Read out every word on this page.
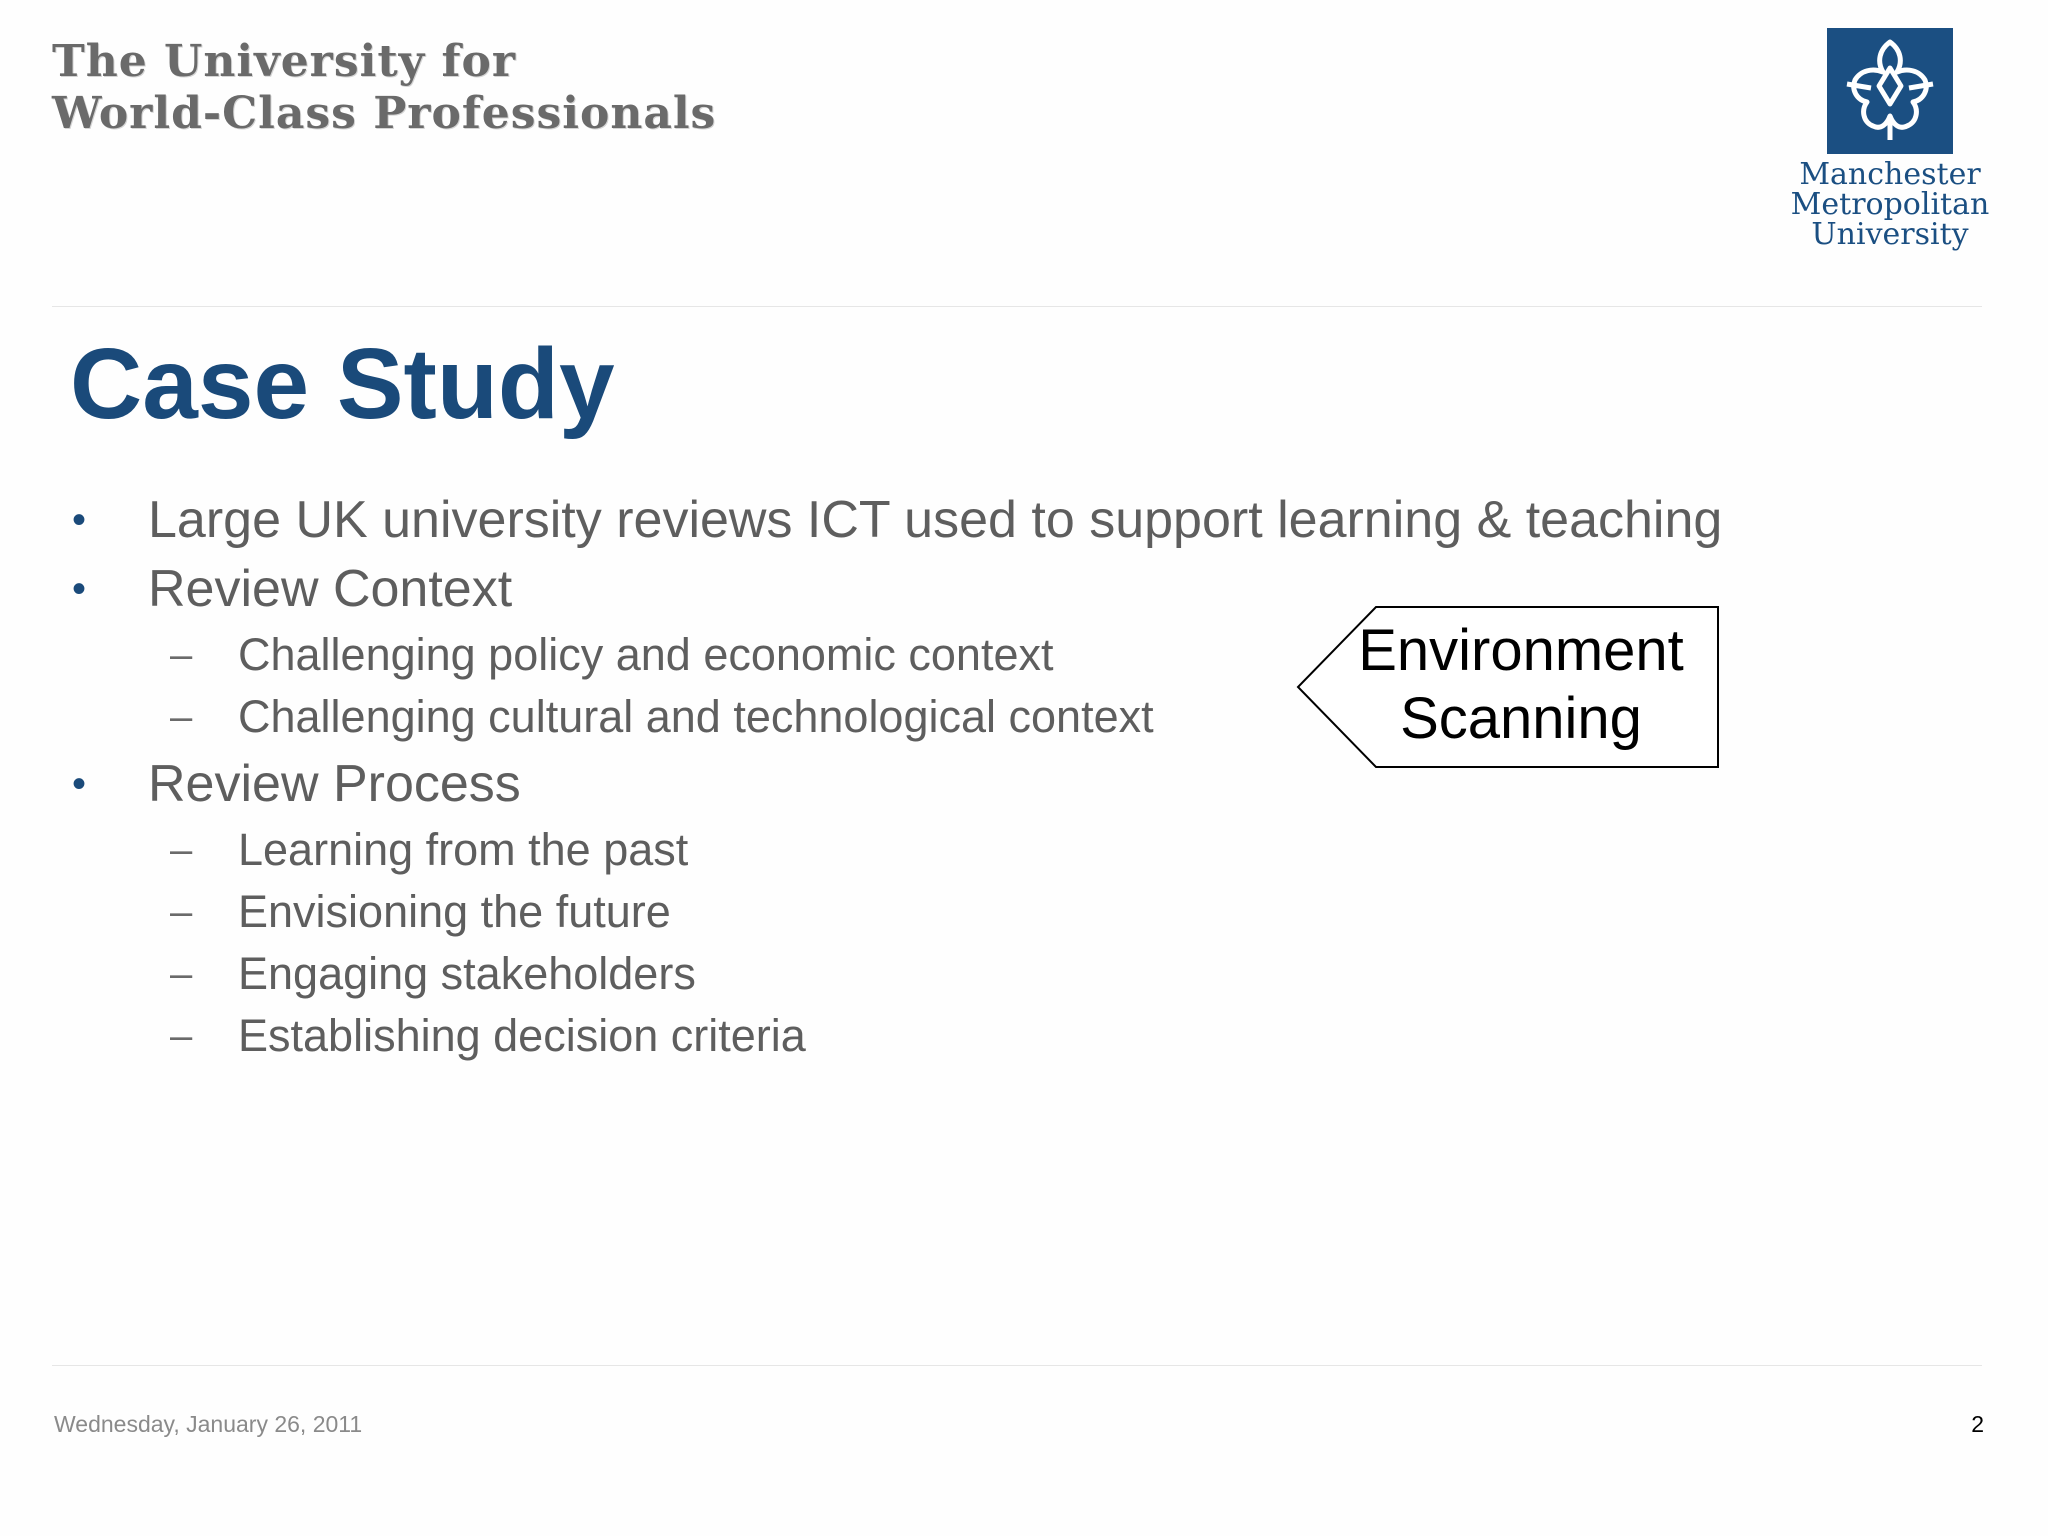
The University for
World-Class Professionals
Manchester
Metropolitan
University
Case Study
• Large UK university reviews ICT used to support learning & teaching
• Review Context
– Challenging policy and economic context
– Challenging cultural and technological context
• Review Process
– Learning from the past
– Envisioning the future
– Engaging stakeholders
– Establishing decision criteria
Environment
Scanning
Wednesday, January 26, 2011	2
